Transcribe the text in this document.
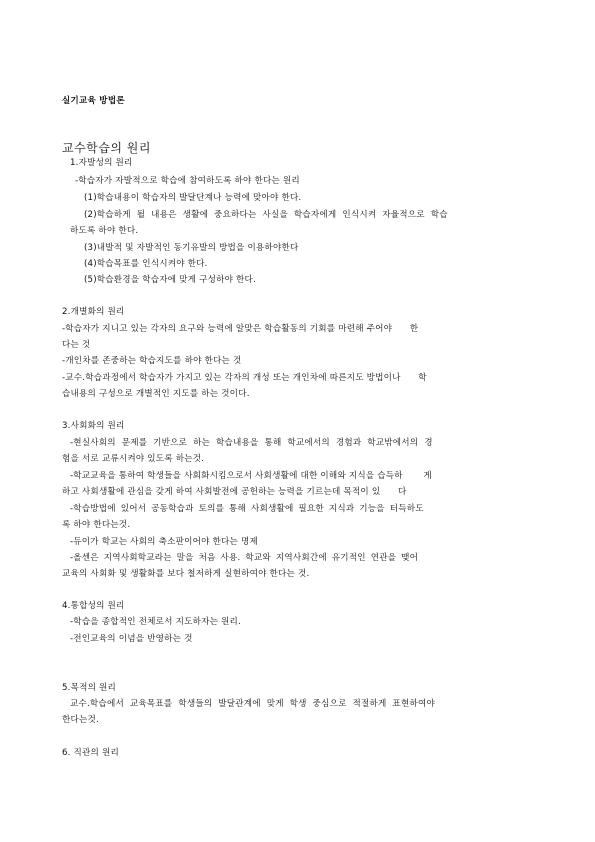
실기교육 방법론
교수학습의 원리
1.자발성의 원리
-학습자가 자발적으로 학습에 참여하도록 하야 한다는 원리
(1)학습내용이 학습자의 발달단계나 능력에 맞아야 한다.
(2)학습하게 될 내용은 생활에 중요하다는 사실을 학습자에게 인식시켜 자율적으로 학습
하도록 하야 한다.
(3)내발적 및 자발적인 동기유발의 방법을 이용하야한다
(4)학습목표를 인식시켜야 한다.
(5)학습환경을 학습자에 맞게 구성하야 한다.
2.개별화의 원리
-학습자가 지니고 있는 각자의 요구와 능력에 알맞은 학습활동의 기회를 마련해 주어야      한
다는 것
-개인차를 존중하는 학습지도를 하야 한다는 것
-교수.학습과정에서 학습자가 가지고 있는 각자의 개성 또는 개인차에 따른지도 방법이나      학
습내용의 구성으로 개별적인 지도를 하는 것이다.
3.사회화의 원리
-현실사회의 문제를 기반으로 하는 학습내용을 통해 학교에서의 경험과 학교밖에서의 경
험을 서로 교류시켜야 있도록 하는것.
-학교교육을 통하여 학생들을 사회화시킴으로서 사회생활에 대한 이해와 지식을 습득하       게
하고 사회생활에 관심을 갖게 하여 사회발전에 공헌하는 능력을 기르는데 목적이 있      다
-학습방법에 있어서 공동학습과 토의를 통해 사회생활에 필요한 지식과 기능을 터득하도
록 하야 한다는것.
-듀이가 학교는 사회의 축소판이어야 한다는 명제
-올센은 지역사회학교라는 말을 처음 사용. 학교와 지역사회간에 유기적인 연관을 맺어
교육의 사회화 및 생활화를 보다 철저하게 실현하여야 한다는 것.
4.통합성의 원리
-학습을 종합적인 전체로서 지도하자는 원리.
-전인교육의 이념을 반영하는 것
5.목적의 원리
교수.학습에서 교육목표를 학생들의 발달관계에 맞게 학생 중심으로 적절하게 표현하여야
한다는것.
6. 직관의 원리
